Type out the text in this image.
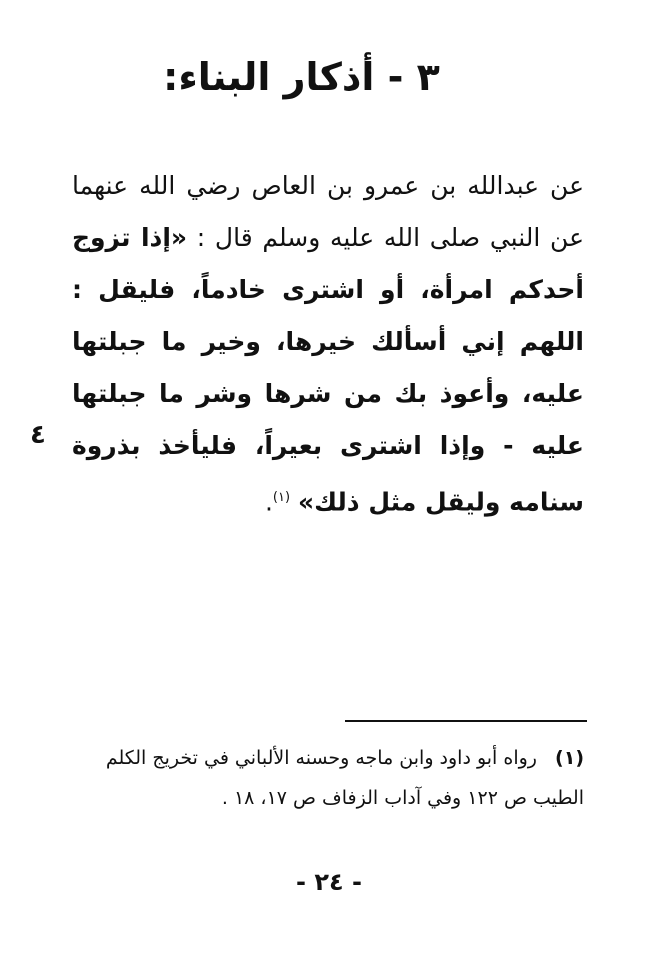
٣ - أذكار البناء:
عن عبدالله بن عمرو بن العاص رضي الله عنهما عن النبي صلى الله عليه وسلم قال : «إذا تزوج أحدكم امرأة، أو اشترى خادماً، فليقل : اللهم إني أسألك خيرها، وخير ما جبلتها عليه، وأعوذ بك من شرها وشر ما جبلتها عليه - وإذا اشترى بعيراً، فليأخذ بذروة سنامه وليقل مثل ذلك» $^{(١)}$.
٤
(١) رواه أبو داود وابن ماجه وحسنه الألباني في تخريج الكلم الطيب ص ١٢٢ وفي آداب الزفاف ص ١٧، ١٨ .
- ٢٤ -
